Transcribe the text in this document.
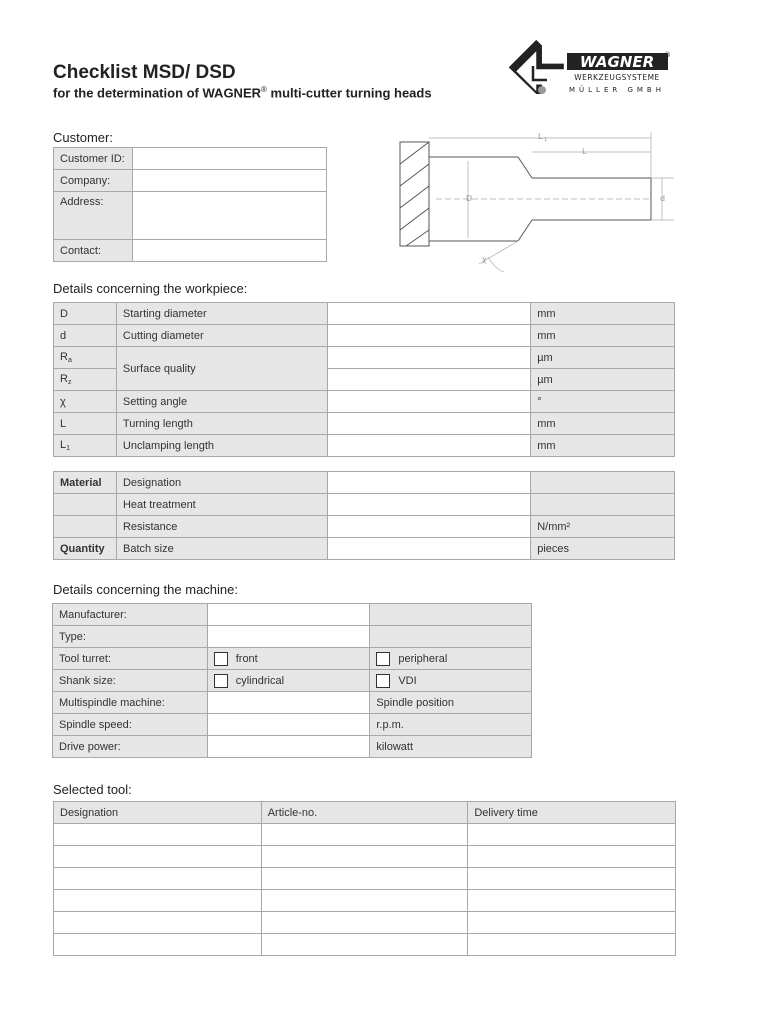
Checklist MSD/ DSD
for the determination of WAGNER® multi-cutter turning heads
WAGNER ®
WERKZEUGSYSTEME
MÜLLER GMBH
L 1
L
D	d
χ
Customer:
Customer ID:	
Company:	
Address:	
Contact:	
Details concerning the workpiece:
D	Starting diameter		mm
d	Cutting diameter		mm
$R_a$	Surface quality		µm
$R_z$			µm
χ	Setting angle		°
L	Turning length		mm
$L_1$	Unclamping length		mm
Material	Designation		
	Heat treatment		
	Resistance		N/mm²
Quantity	Batch size		pieces
Details concerning the machine:
Manufacturer:		
Type:		
Tool turret:	front	peripheral
Shank size:	cylindrical	VDI
Multispindle machine:		Spindle position
Spindle speed:		r.p.m.
Drive power:		kilowatt
Selected tool:
Designation	Article-no.	Delivery time
